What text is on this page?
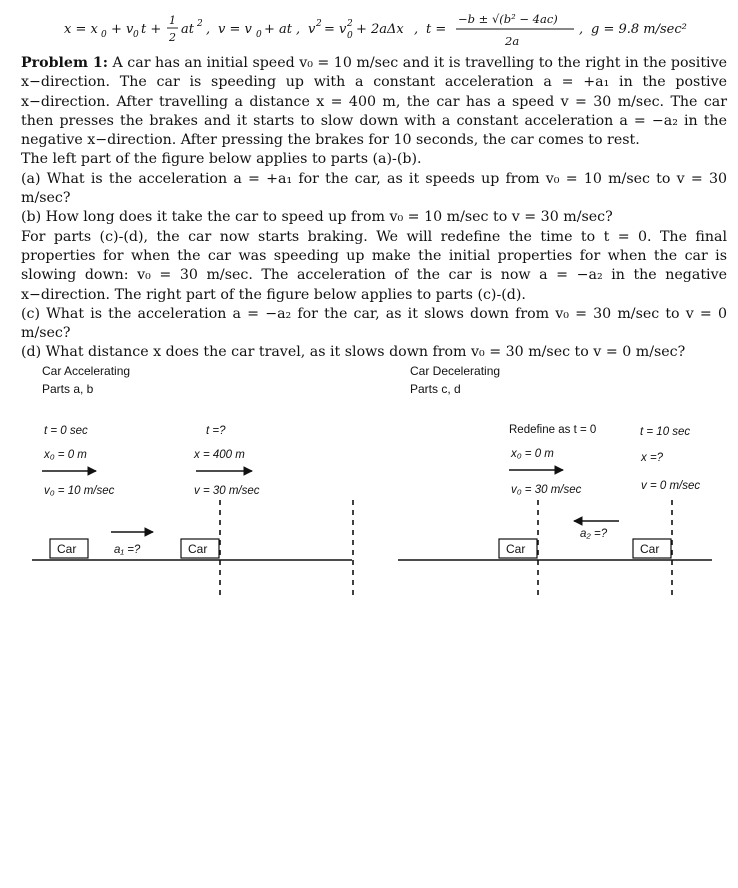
x = x 0 + v 0 t +
1
2
at 2 , v = v 0 + at , v 2 = v 2
0 + 2aΔx , t =
−b ± √(b² − 4ac)
2a
, g = 9.8 m/sec²

Problem 1: A car has an initial speed v₀ = 10 m/sec and it is travelling to the right in the positive x−direction. The car is speeding up with a constant acceleration a = +a₁ in the postive x−direction. After travelling a distance x = 400 m, the car has a speed v = 30 m/sec. The car then presses the brakes and it starts to slow down with a constant acceleration a = −a₂ in the negative x−direction. After pressing the brakes for 10 seconds, the car comes to rest.

The left part of the figure below applies to parts (a)-(b).

(a) What is the acceleration a = +a₁ for the car, as it speeds up from v₀ = 10 m/sec to v = 30 m/sec?

(b) How long does it take the car to speed up from v₀ = 10 m/sec to v = 30 m/sec?

For parts (c)-(d), the car now starts braking. We will redefine the time to t = 0. The final properties for when the car was speeding up make the initial properties for when the car is slowing down: v₀ = 30 m/sec. The acceleration of the car is now a = −a₂ in the negative x−direction. The right part of the figure below applies to parts (c)-(d).

(c) What is the acceleration a = −a₂ for the car, as it slows down from v₀ = 30 m/sec to v = 0 m/sec?

(d) What distance x does the car travel, as it slows down from v₀ = 30 m/sec to v = 0 m/sec?

Car Accelerating
Parts a, b
t = 0 sec
x₀ = 0 m
v₀ = 10 m/sec
t =?
x = 400 m
v = 30 m/sec
a₁ =?
Car	Car
Car Decelerating
Parts c, d
Redefine as t = 0
x₀ = 0 m
v₀ = 30 m/sec
t = 10 sec
x =?
v = 0 m/sec
a₂ =?
Car	Car
